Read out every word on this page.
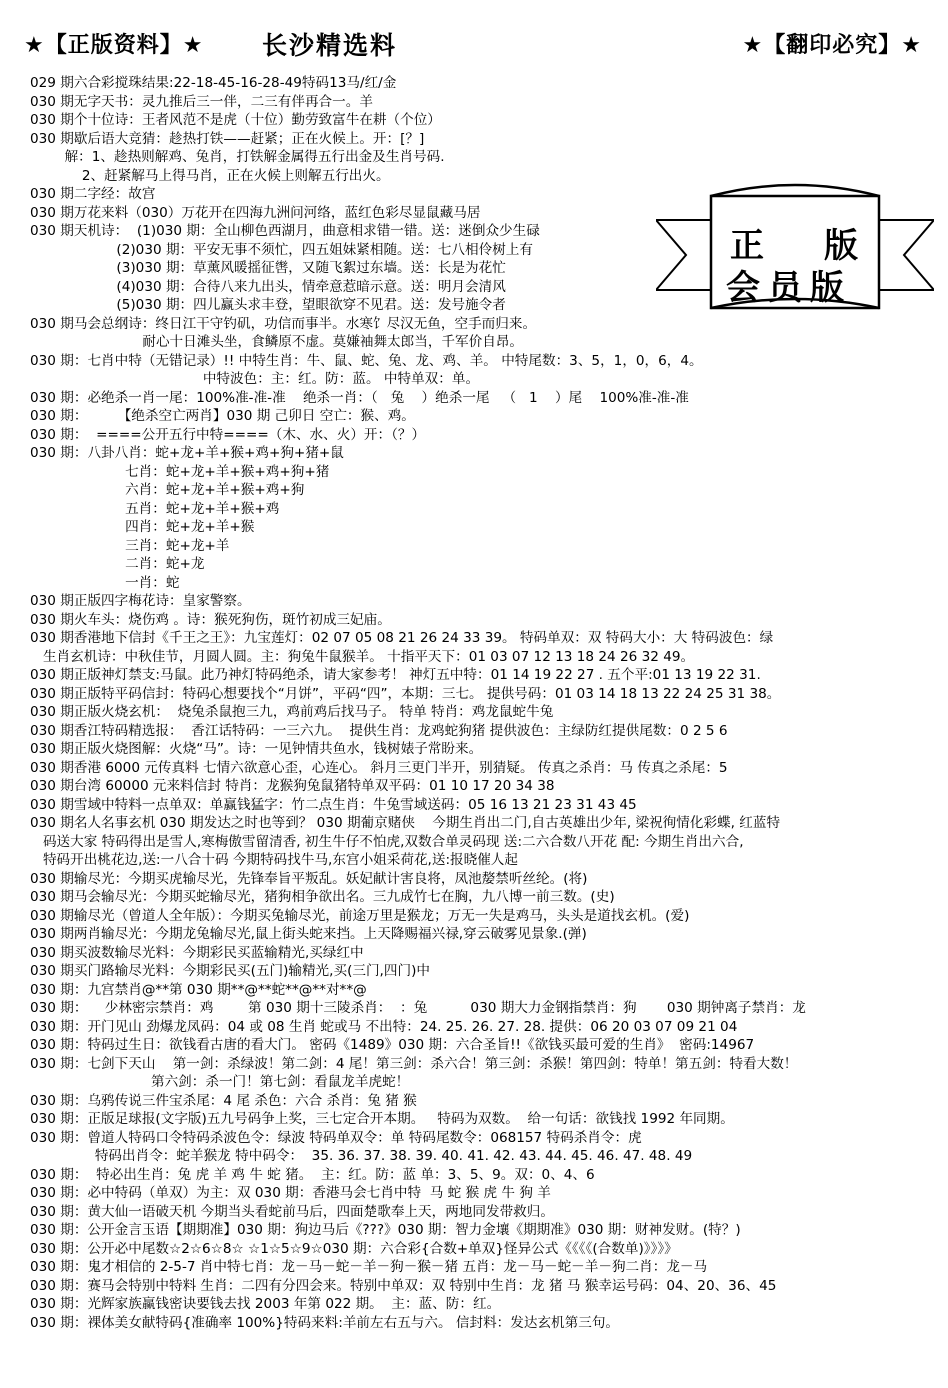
★【正版资料】★ 长沙精选料	★【翻印必究】★
029 期六合彩搅珠结果:22-18-45-16-28-49特码13马/红/金
030 期无字天书：灵九推后三一伴，二三有伴再合一。羊
030 期个十位诗：王者风范不是虎（十位）勤劳致富牛在耕（个位）
030 期歇后语大竞猜：趁热打铁——赶紧；正在火候上。开：[？]
解：1、趁热则解鸡、兔肖，打铁解金属得五行出金及生肖号码.
2、赶紧解马上得马肖，正在火候上则解五行出火。
030 期二字经：故宫
030 期万花来料（030）万花开在四海九洲问河络，蓝红色彩尽显鼠藏马居
030 期天机诗：  (1)030 期：全山柳色西湖月，曲意相求错一错。送：迷倒众少生碌
(2)030 期：平安无事不须忙，四五姐妹紧相随。送：七八相伶树上有
(3)030 期：草薰风暖摇征辔，又随飞絮过东墙。送：长是为花忙
(4)030 期：合待八来九出头，情牵意惹暗示意。送：明月会清风
(5)030 期：四儿赢头求丰登，望眼欲穿不见君。送：发号施令者
030 期马会总纲诗：终日江干守钓矶，功信而事半。水寒饣尽汉无鱼，空手而归来。
耐心十日滩头坐，食鳞原不虚。莫嫌袖舞太郎当，千军价自昂。
030 期：七肖中特（无错记录）!! 中特生肖：牛、鼠、蛇、兔、龙、鸡、羊。 中特尾数：3、5，1，0，6，4。
中特波色：主：红。防：蓝。 中特单双：单。
030 期：必绝杀一肖一尾：100%准-准-准    绝杀一肖：（   兔    ）绝杀一尾   （   1    ）尾    100%准-准-准
030 期：       【绝杀空亡两肖】030 期 己卯日 空亡：猴、鸡。
030 期：  ====公开五行中特====（木、水、火）开：（？）
030 期：八卦八肖：蛇+龙+羊+猴+鸡+狗+猪+鼠
七肖：蛇+龙+羊+猴+鸡+狗+猪
六肖：蛇+龙+羊+猴+鸡+狗
五肖：蛇+龙+羊+猴+鸡
四肖：蛇+龙+羊+猴
三肖：蛇+龙+羊
二肖：蛇+龙
一肖：蛇
030 期正版四字梅花诗：皇家警察。
030 期火车头：烧伤鸡 。诗：猴死狗伤，斑竹初成三妃庙。
030 期香港地下信封《千王之王》：九宝莲灯：02 07 05 08 21 26 24 33 39。 特码单双：双 特码大小：大 特码波色：绿
生肖玄机诗：中秋佳节，月圆人圆。主：狗兔牛鼠猴羊。 十指平天下：01 03 07 12 13 18 24 26 32 49。
030 期正版神灯禁支:马鼠。此乃神灯特码绝杀，请大家参考！ 神灯五中特：01 14 19 22 27 . 五个平:01 13 19 22 31.
030 期正版特平码信封：特码心想要找个“月饼”，平码“四”，本期：三七。 提供号码：01 03 14 18 13 22 24 25 31 38。
030 期正版火烧玄机：  烧兔杀鼠抱三九，鸡前鸡后找马子。 特单 特肖：鸡龙鼠蛇牛兔
030 期香江特码精选报：  香江话特码：一三六九。  提供生肖：龙鸡蛇狗猪 提供波色：主绿防红提供尾数：0 2 5 6
030 期正版火烧图解：火烧“马”。诗：一见钟情共鱼水，钱树婊子常盼来。
030 期香港 6000 元传真料 七情六欲意心歪，心连心。 斜月三更门半开，别猜疑。 传真之杀肖：马 传真之杀尾：5
030 期台湾 60000 元来料信封 特肖：龙猴狗兔鼠猪特单双平码：01 10 17 20 34 38
030 期雪域中特料一点单双：单赢钱猛字：竹二点生肖：牛兔雪域送码：05 16 13 21 23 31 43 45
030 期名人名事玄机 030 期发达之时也等到？ 030 期葡京赌侠    今期生肖出二门,自古英雄出少年, 梁祝徇情化彩蝶, 红蓝特
码送大家 特码得出是雪人,寒梅傲雪留清香, 初生牛仔不怕虎,双数合单灵码现 送:二六合数八开花 配: 今期生肖出六合,
特码开出桃花边,送:一八合十码 今期特码找牛马,东宫小姐采荷花,送:报晓催人起
030 期输尽光：今期买虎输尽光，先锋奉旨平叛乱。妖妃献计害良将，凤池嫠禁听丝纶。(将)
030 期马会输尽光：今期买蛇输尽光，猪狗相争欲出名。三九成竹七在胸，九八博一前三数。(史)
030 期输尽光（曾道人全年版）：今期买兔输尽光，前途万里是猴龙；万无一失是鸡马，头头是道找玄机。(爱)
030 期两肖输尽光：今期龙兔输尽光,鼠上街头蛇来挡。上天降赐福兴禄,穿云破雾见景象.(弹)
030 期买波数输尽光料：今期彩民买蓝输精光,买绿红中
030 期买门路输尽光料：今期彩民买(五门)输精光,买(三门,四门)中
030 期：九宫禁肖@**第 030 期**@**蛇**@**对**@
030 期：    少林密宗禁肖：鸡        第 030 期十三陵杀肖：  ：兔          030 期大力金钢指禁肖：狗       030 期钟离子禁肖：龙
030 期：开门见山 劲爆龙凤码：04 或 08 生肖 蛇或马 不出特：24. 25. 26. 27. 28. 提供：06 20 03 07 09 21 04
030 期：特码过生日：欲钱看古唐的看大门。 密码《1489》030 期：六合圣旨!!《欲钱买最可爱的生肖》  密码:14967
030 期：七剑下天山    第一剑：杀绿波！第二剑：4 尾！第三剑：杀六合！第三剑：杀猴！第四剑：特单！第五剑：特看大数！
第六剑：杀一门！第七剑：看鼠龙羊虎蛇！
030 期：乌鸦传说三件宝杀尾：4 尾 杀色：六合 杀肖：兔 猪 猴
030 期：正版足球报(文字版)五九号码争上奖，三七定合开本期。   特码为双数。  给一句话：欲钱找 1992 年同期。
030 期：曾道人特码口令特码杀波色令：绿波 特码单双令：单 特码尾数令：068157 特码杀肖令：虎
特码出肖令：蛇羊猴龙 特中码令：  35. 36. 37. 38. 39. 40. 41. 42. 43. 44. 45. 46. 47. 48. 49
030 期：  特必出生肖：兔 虎 羊 鸡 牛 蛇 猪。  主：红。防：蓝 单：3、5、9。双：0、4、6
030 期：必中特码（单双）为主：双 030 期：香港马会七肖中特  马 蛇 猴 虎 牛 狗 羊
030 期：黄大仙一语破天机 今期当头看蛇前马后，四面楚歌奉上天，两地同发带救归。
030 期：公开金言玉语【期期准】030 期：狗边马后《???》030 期：智力金壤《期期准》030 期：财神发财。(特？)
030 期：公开必中尾数☆2☆6☆8☆ ☆1☆5☆9☆030 期：六合彩{合数+单双}怪异公式《《《《(合数单)》》》》
030 期：鬼才相信的 2-5-7 肖中特七肖：龙－马－蛇－羊－狗－猴－猪 五肖：龙－马－蛇－羊－狗二肖：龙－马
030 期：赛马会特别中特料 生肖：二四有分四会来。特别中单双：双 特别中生肖：龙 猪 马 猴幸运号码：04、20、36、45
030 期：光辉家族赢钱密诀要钱去找 2003 年第 022 期。  主：蓝、防：红。
030 期：裸体美女献特码{准确率 100%}特码来料:羊前左右五与六。 信封料：发达玄机第三句。
正 版
会员版
